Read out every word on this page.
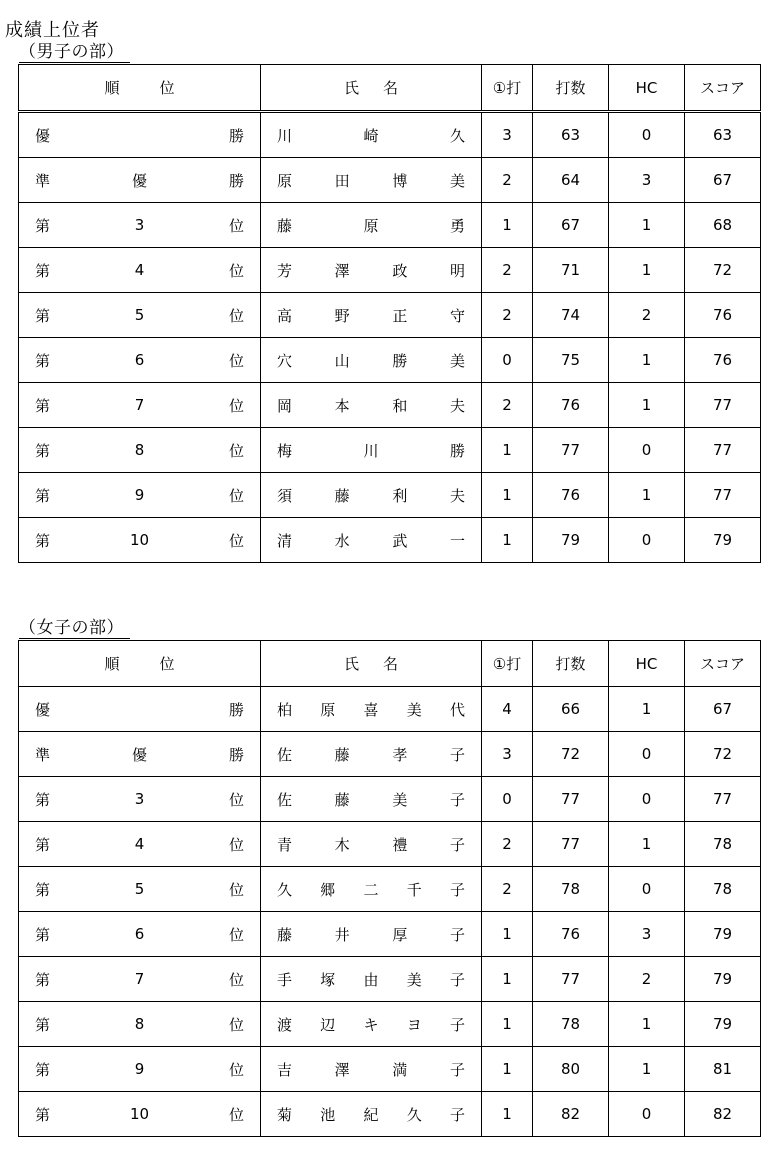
成績上位者
（男子の部）
順 位	氏 名	①打	打数	HC	スコア

優 勝	川 崎 久	3	63	0	63

準 優 勝	原 田 博 美	2	64	3	67

第 3 位	藤 原 勇	1	67	1	68

第 4 位	芳 澤 政 明	2	71	1	72

第 5 位	高 野 正 守	2	74	2	76

第 6 位	穴 山 勝 美	0	75	1	76

第 7 位	岡 本 和 夫	2	76	1	77

第 8 位	梅 川 勝	1	77	0	77

第 9 位	須 藤 利 夫	1	76	1	77

第 10 位	清 水 武 一	1	79	0	79
（女子の部）
順 位	氏 名	①打	打数	HC	スコア

優 勝	柏 原 喜 美 代	4	66	1	67

準 優 勝	佐 藤 孝 子	3	72	0	72

第 3 位	佐 藤 美 子	0	77	0	77

第 4 位	青 木 禮 子	2	77	1	78

第 5 位	久 郷 二 千 子	2	78	0	78

第 6 位	藤 井 厚 子	1	76	3	79

第 7 位	手 塚 由 美 子	1	77	2	79

第 8 位	渡 辺 キ ヨ 子	1	78	1	79

第 9 位	吉 澤 満 子	1	80	1	81

第 10 位	菊 池 紀 久 子	1	82	0	82
